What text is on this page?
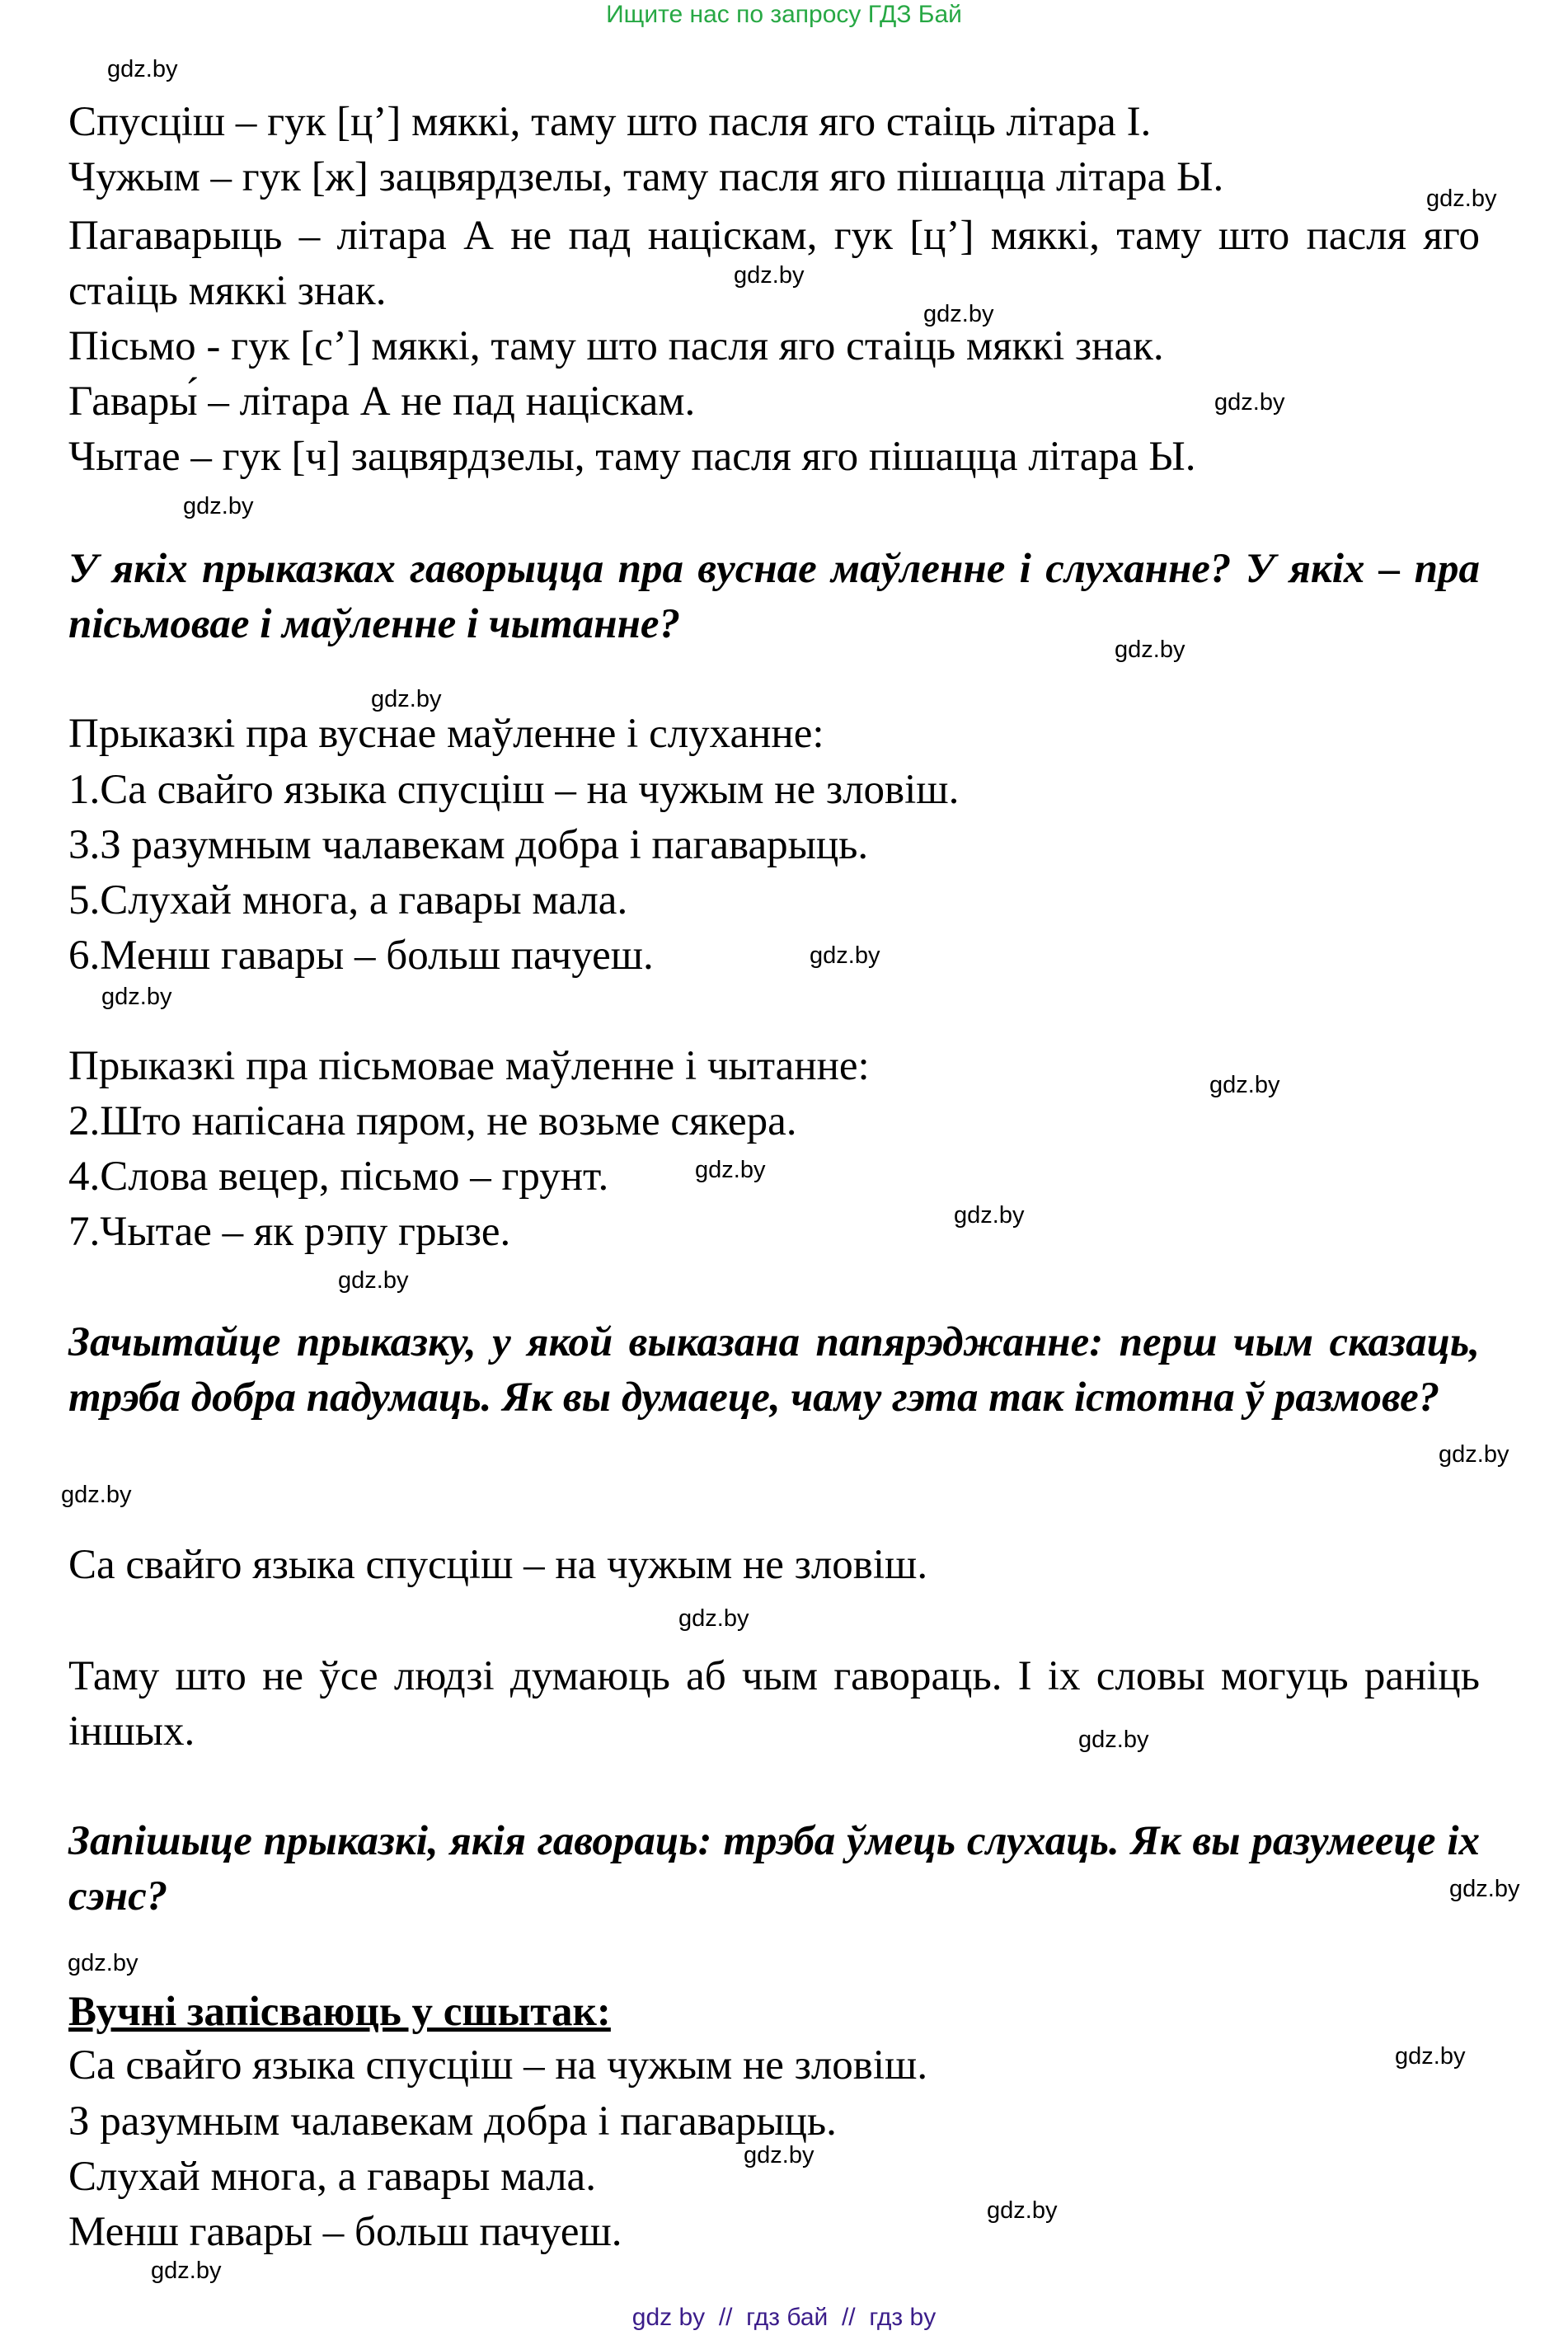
Ищите нас по запросу ГДЗ Бай
Спусціш – гук [ц’] мяккі, таму што пасля яго стаіць літара І.
Чужым – гук [ж] зацвярдзелы, таму пасля яго пішацца літара Ы.
Пагаварыць – літара А не пад націскам, гук [ц’] мяккі, таму што пасля яго стаіць мяккі знак.
Пісьмо - гук [с’] мяккі, таму што пасля яго стаіць мяккі знак.
Гавары́ – літара А не пад націскам.
Чытае – гук [ч] зацвярдзелы, таму пасля яго пішацца літара Ы.
У якіх прыказках гаворыцца пра вуснае маўленне і слуханне? У якіх – пра пісьмовае і маўленне і чытанне?
Прыказкі пра вуснае маўленне і слуханне:
1.Са свайго языка спусціш – на чужым не зловіш.
3.З разумным чалавекам добра і пагаварыць.
5.Слухай многа, а гавары мала.
6.Менш гавары – больш пачуеш.
Прыказкі пра пісьмовае маўленне і чытанне:
2.Што напісана пяром, не возьме сякера.
4.Слова вецер, пісьмо – грунт.
7.Чытае – як рэпу грызе.
Зачытайце прыказку, у якой выказана папярэджанне: перш чым сказаць, трэба добра падумаць. Як вы думаеце, чаму гэта так істотна ў размове?
Са свайго языка спусціш – на чужым не зловіш.
Таму што не ўсе людзі думаюць аб чым гавораць. І іх словы могуць раніць іншых.
Запішыце прыказкі, якія гавораць: трэба ўмець слухаць. Як вы разумееце іх сэнс?
Вучні запісваюць у сшытак:
Са свайго языка спусціш – на чужым не зловіш.
З разумным чалавекам добра і пагаварыць.
Слухай многа, а гавары мала.
Менш гавары – больш пачуеш.
gdz.by
gdz.by
gdz.by
gdz.by
gdz.by
gdz.by
gdz.by
gdz.by
gdz.by
gdz.by
gdz.by
gdz.by
gdz.by
gdz.by
gdz.by
gdz.by
gdz.by
gdz.by
gdz.by
gdz.by
gdz.by
gdz.by
gdz.by
gdz.by
gdz by  //  гдз бай  //  гдз by
